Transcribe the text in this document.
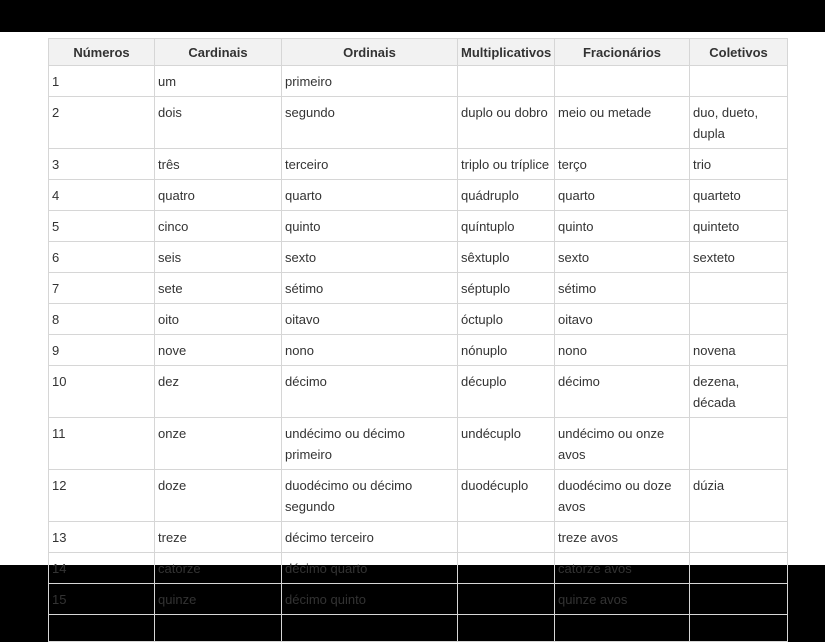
Números	Cardinais	Ordinais	Multiplicativos	Fracionários	Coletivos
1	um	primeiro			
2	dois	segundo	duplo ou dobro	meio ou metade	duo, dueto, dupla
3	três	terceiro	triplo ou tríplice	terço	trio
4	quatro	quarto	quádruplo	quarto	quarteto
5	cinco	quinto	quíntuplo	quinto	quinteto
6	seis	sexto	sêxtuplo	sexto	sexteto
7	sete	sétimo	séptuplo	sétimo	
8	oito	oitavo	óctuplo	oitavo	
9	nove	nono	nónuplo	nono	novena
10	dez	décimo	décuplo	décimo	dezena, década
11	onze	undécimo ou décimo primeiro	undécuplo	undécimo ou onze avos	
12	doze	duodécimo ou décimo segundo	duodécuplo	duodécimo ou doze avos	dúzia
13	treze	décimo terceiro		treze avos	
14	catorze	décimo quarto		catorze avos	
15	quinze	décimo quinto		quinze avos	
